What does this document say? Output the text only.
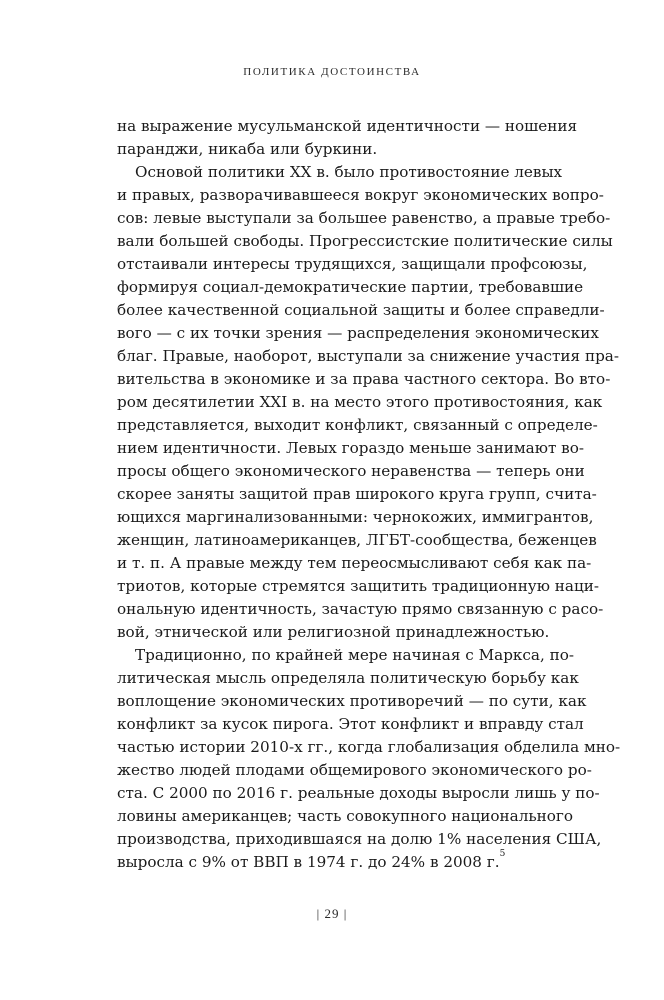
ПОЛИТИКА ДОСТОИНСТВА
на выражение мусульманской идентичности — ношения
паранджи, никаба или буркини.
Основой политики XX в. было противостояние левых
и правых, разворачивавшееся вокруг экономических вопро-
сов: левые выступали за большее равенство, а правые требо-
вали большей свободы. Прогрессистские политические силы
отстаивали интересы трудящихся, защищали профсоюзы,
формируя социал-демократические партии, требовавшие
более качественной социальной защиты и более справедли-
вого — с их точки зрения — распределения экономических
благ. Правые, наоборот, выступали за снижение участия пра-
вительства в экономике и за права частного сектора. Во вто-
ром десятилетии XXI в. на место этого противостояния, как
представляется, выходит конфликт, связанный с определе-
нием идентичности. Левых гораздо меньше занимают во-
просы общего экономического неравенства — теперь они
скорее заняты защитой прав широкого круга групп, счита-
ющихся маргинализованными: чернокожих, иммигрантов,
женщин, латиноамериканцев, ЛГБТ-сообщества, беженцев
и т. п. А правые между тем переосмысливают себя как па-
триотов, которые стремятся защитить традиционную наци-
ональную идентичность, зачастую прямо связанную с расо-
вой, этнической или религиозной принадлежностью.
Традиционно, по крайней мере начиная с Маркса, по-
литическая мысль определяла политическую борьбу как
воплощение экономических противоречий — по сути, как
конфликт за кусок пирога. Этот конфликт и вправду стал
частью истории 2010-х гг., когда глобализация обделила мно-
жество людей плодами общемирового экономического ро-
ста. С 2000 по 2016 г. реальные доходы выросли лишь у по-
ловины американцев; часть совокупного национального
производства, приходившаяся на долю 1% населения США,
выросла с 9% от ВВП в 1974 г. до 24% в 2008 г.$^5$
| 29 |
